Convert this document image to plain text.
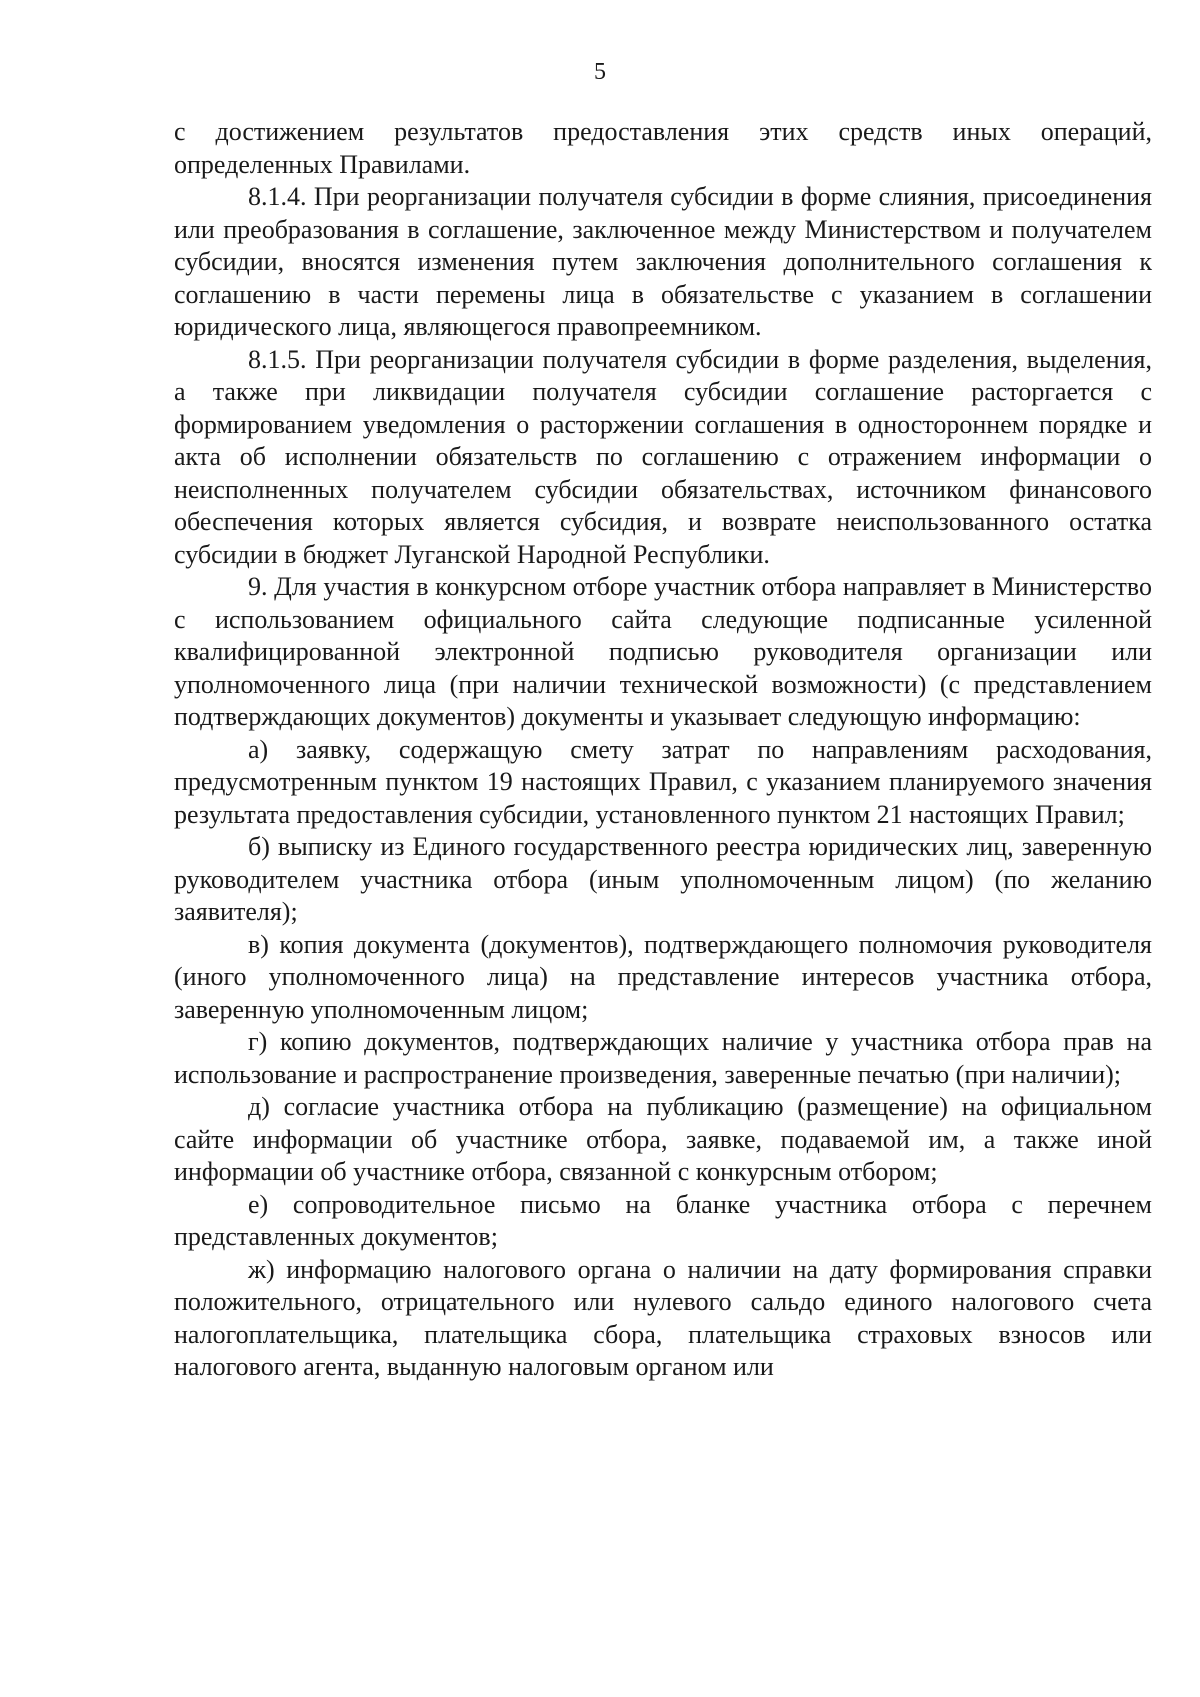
5

с достижением результатов предоставления этих средств иных операций, определенных Правилами.

8.1.4. При реорганизации получателя субсидии в форме слияния, присоединения или преобразования в соглашение, заключенное между Министерством и получателем субсидии, вносятся изменения путем заключения дополнительного соглашения к соглашению в части перемены лица в обязательстве с указанием в соглашении юридического лица, являющегося правопреемником.

8.1.5. При реорганизации получателя субсидии в форме разделения, выделения, а также при ликвидации получателя субсидии соглашение расторгается с формированием уведомления о расторжении соглашения в одностороннем порядке и акта об исполнении обязательств по соглашению с отражением информации о неисполненных получателем субсидии обязательствах, источником финансового обеспечения которых является субсидия, и возврате неиспользованного остатка субсидии в бюджет Луганской Народной Республики.

9. Для участия в конкурсном отборе участник отбора направляет в Министерство с использованием официального сайта следующие подписанные усиленной квалифицированной электронной подписью руководителя организации или уполномоченного лица (при наличии технической возможности) (с представлением подтверждающих документов) документы и указывает следующую информацию:

а) заявку, содержащую смету затрат по направлениям расходования, предусмотренным пунктом 19 настоящих Правил, с указанием планируемого значения результата предоставления субсидии, установленного пунктом 21 настоящих Правил;

б) выписку из Единого государственного реестра юридических лиц, заверенную руководителем участника отбора (иным уполномоченным лицом) (по желанию заявителя);

в) копия документа (документов), подтверждающего полномочия руководителя (иного уполномоченного лица) на представление интересов участника отбора, заверенную уполномоченным лицом;

г) копию документов, подтверждающих наличие у участника отбора прав на использование и распространение произведения, заверенные печатью (при наличии);

д) согласие участника отбора на публикацию (размещение) на официальном сайте информации об участнике отбора, заявке, подаваемой им, а также иной информации об участнике отбора, связанной с конкурсным отбором;

е) сопроводительное письмо на бланке участника отбора с перечнем представленных документов;

ж) информацию налогового органа о наличии на дату формирования справки положительного, отрицательного или нулевого сальдо единого налогового счета налогоплательщика, плательщика сбора, плательщика страховых взносов или налогового агента, выданную налоговым органом или
